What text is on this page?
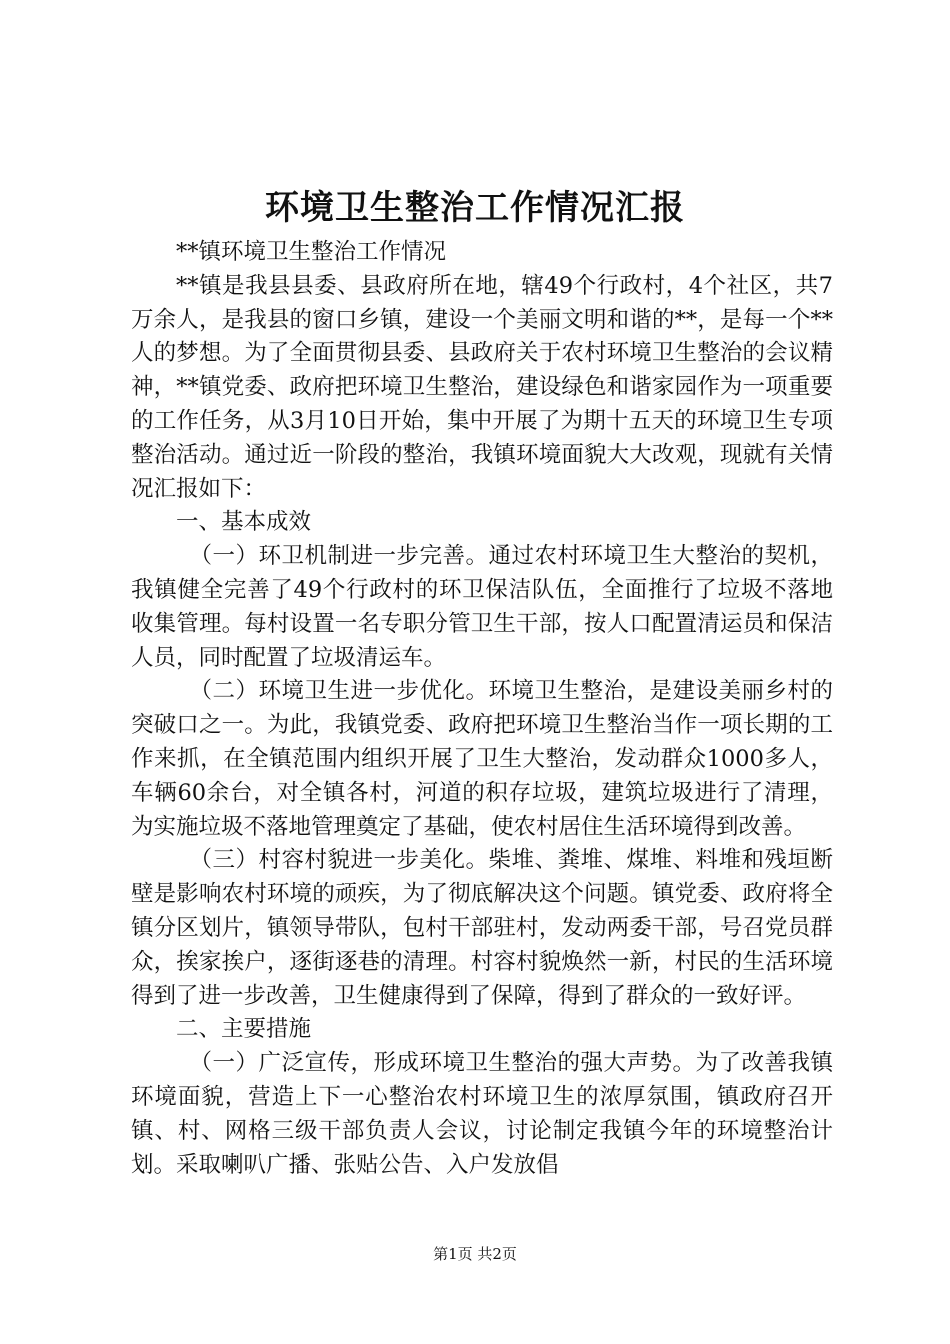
环境卫生整治工作情况汇报

**镇环境卫生整治工作情况

**镇是我县县委、县政府所在地，辖49个行政村，4个社区，共7万余人，是我县的窗口乡镇，建设一个美丽文明和谐的**，是每一个**人的梦想。为了全面贯彻县委、县政府关于农村环境卫生整治的会议精神，**镇党委、政府把环境卫生整治，建设绿色和谐家园作为一项重要的工作任务，从3月10日开始，集中开展了为期十五天的环境卫生专项整治活动。通过近一阶段的整治，我镇环境面貌大大改观，现就有关情况汇报如下：

一、基本成效

（一）环卫机制进一步完善。通过农村环境卫生大整治的契机，我镇健全完善了49个行政村的环卫保洁队伍，全面推行了垃圾不落地收集管理。每村设置一名专职分管卫生干部，按人口配置清运员和保洁人员，同时配置了垃圾清运车。

（二）环境卫生进一步优化。环境卫生整治，是建设美丽乡村的突破口之一。为此，我镇党委、政府把环境卫生整治当作一项长期的工作来抓，在全镇范围内组织开展了卫生大整治，发动群众1000多人，车辆60余台，对全镇各村，河道的积存垃圾，建筑垃圾进行了清理，为实施垃圾不落地管理奠定了基础，使农村居住生活环境得到改善。

（三）村容村貌进一步美化。柴堆、粪堆、煤堆、料堆和残垣断壁是影响农村环境的顽疾，为了彻底解决这个问题。镇党委、政府将全镇分区划片，镇领导带队，包村干部驻村，发动两委干部，号召党员群众，挨家挨户，逐街逐巷的清理。村容村貌焕然一新，村民的生活环境得到了进一步改善，卫生健康得到了保障，得到了群众的一致好评。

二、主要措施

（一）广泛宣传，形成环境卫生整治的强大声势。为了改善我镇环境面貌，营造上下一心整治农村环境卫生的浓厚氛围，镇政府召开镇、村、网格三级干部负责人会议，讨论制定我镇今年的环境整治计划。采取喇叭广播、张贴公告、入户发放倡

第1页 共2页
